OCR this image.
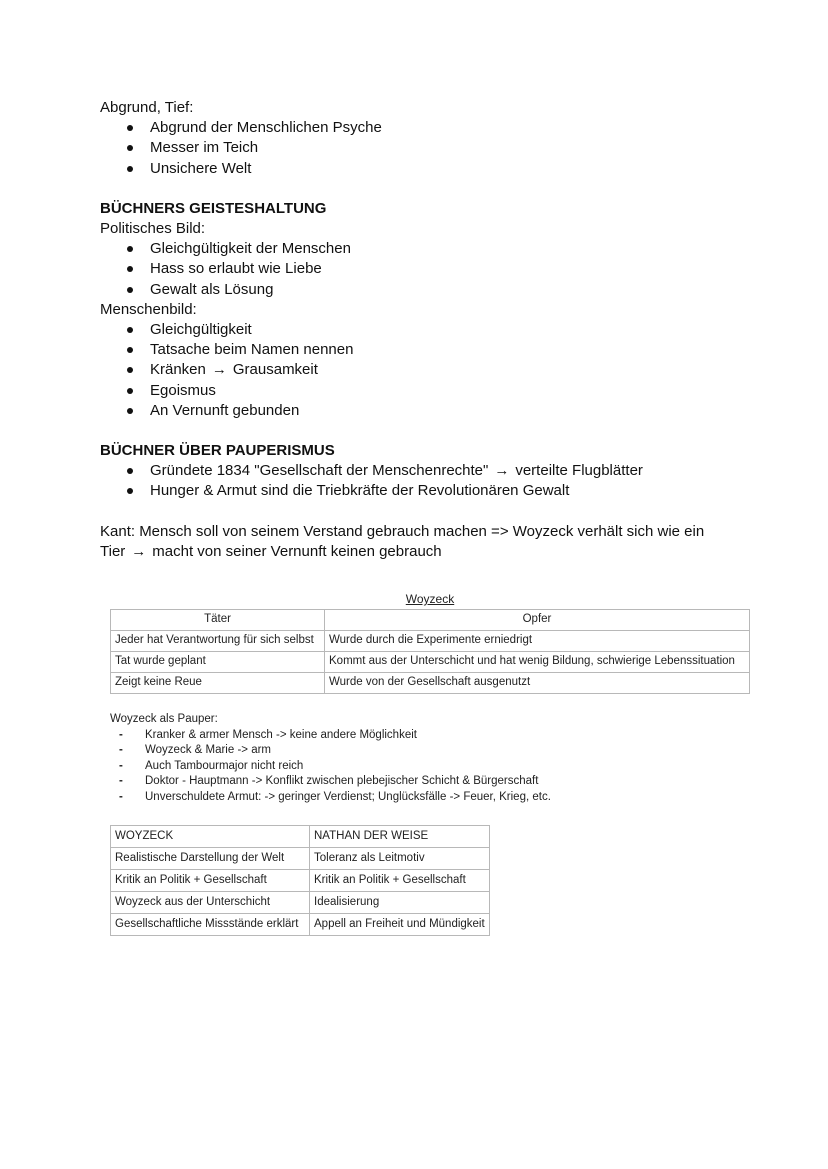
Abgrund, Tief:

Abgrund der Menschlichen Psyche
Messer im Teich
Unsichere Welt

BÜCHNERS GEISTESHALTUNG

Politisches Bild:

Gleichgültigkeit der Menschen
Hass so erlaubt wie Liebe
Gewalt als Lösung

Menschenbild:

Gleichgültigkeit
Tatsache beim Namen nennen
Kränken → Grausamkeit
Egoismus
An Vernunft gebunden

BÜCHNER ÜBER PAUPERISMUS

Gründete 1834 "Gesellschaft der Menschenrechte" → verteilte Flugblätter
Hunger & Armut sind die Triebkräfte der Revolutionären Gewalt

Kant: Mensch soll von seinem Verstand gebrauch machen => Woyzeck verhält sich wie ein

Tier → macht von seiner Vernunft keinen gebrauch

Woyzeck
Täter	Opfer
Jeder hat Verantwortung für sich selbst	Wurde durch die Experimente erniedrigt
Tat wurde geplant	Kommt aus der Unterschicht und hat wenig Bildung, schwierige Lebenssituation
Zeigt keine Reue	Wurde von der Gesellschaft ausgenutzt
Woyzeck als Pauper:
- Kranker & armer Mensch -> keine andere Möglichkeit
- Woyzeck & Marie -> arm
- Auch Tambourmajor nicht reich
- Doktor - Hauptmann -> Konflikt zwischen plebejischer Schicht & Bürgerschaft
- Unverschuldete Armut: -> geringer Verdienst; Unglücksfälle -> Feuer, Krieg, etc.
WOYZECK	NATHAN DER WEISE
Realistische Darstellung der Welt	Toleranz als Leitmotiv
Kritik an Politik + Gesellschaft	Kritik an Politik + Gesellschaft
Woyzeck aus der Unterschicht	Idealisierung
Gesellschaftliche Missstände erklärt	Appell an Freiheit und Mündigkeit
